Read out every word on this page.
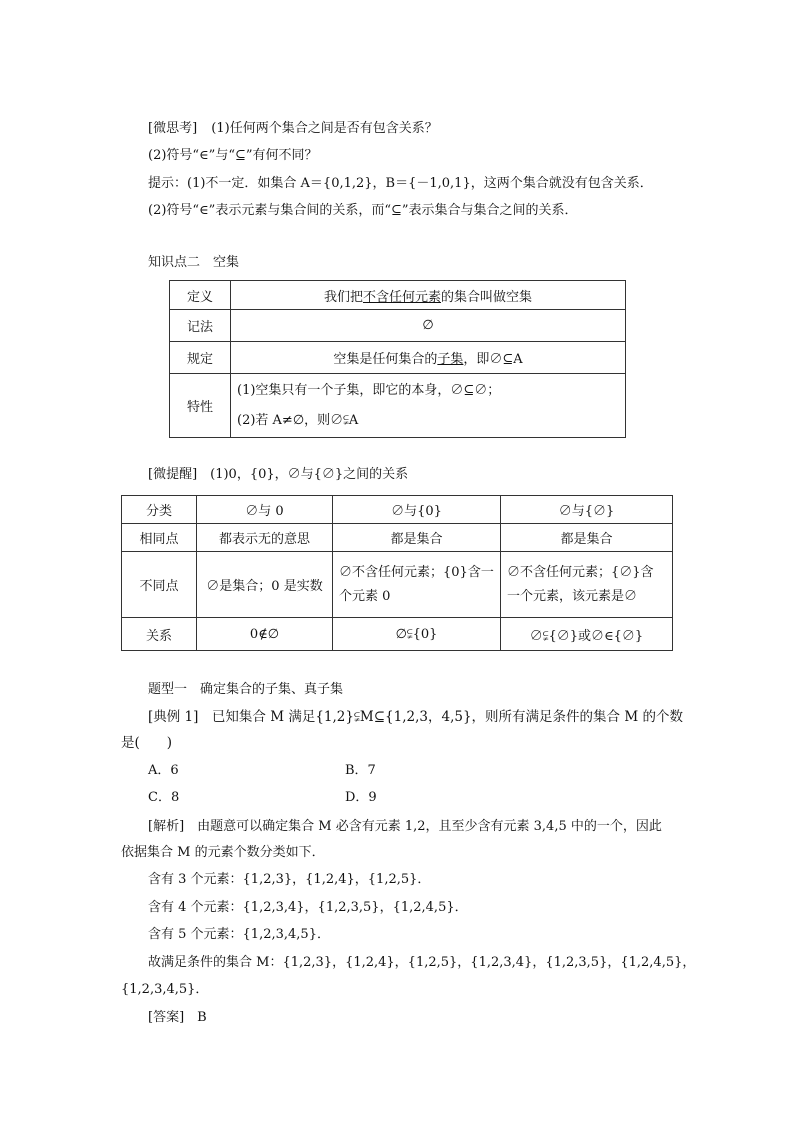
[微思考] (1)任何两个集合之间是否有包含关系？
(2)符号“∈”与“⊆”有何不同？
提示：(1)不一定．如集合 A＝{0,1,2}，B＝{－1,0,1}，这两个集合就没有包含关系．
(2)符号“∈”表示元素与集合间的关系，而“⊆”表示集合与集合之间的关系．
知识点二　空集
定义	我们把不含任何元素的集合叫做空集
记法	∅
规定	空集是任何集合的子集，即∅⊆A
特性	(1)空集只有一个子集，即它的本身，∅⊆∅；
(2)若 A≠∅，则∅⫋A
[微提醒]　(1)0，{0}，∅与{∅}之间的关系
分类	∅与 0	∅与{0}	∅与{∅}
相同点	都表示无的意思	都是集合	都是集合
不同点	∅是集合；0 是实数	∅不含任何元素；{0}含一个元素 0	∅不含任何元素；{∅}含一个元素，该元素是∅
关系	0∉∅	∅⫋{0}	∅⫋{∅}或∅∈{∅}
题型一　确定集合的子集、真子集
[典例 1]　已知集合 M 满足{1,2}⫋M⊆{1,2,3，4,5}，则所有满足条件的集合 M 的个数
是(　　)
A．6	B．7
C．8	D．9
[解析]　由题意可以确定集合 M 必含有元素 1,2，且至少含有元素 3,4,5 中的一个，因此
依据集合 M 的元素个数分类如下．
含有 3 个元素：{1,2,3}，{1,2,4}，{1,2,5}．
含有 4 个元素：{1,2,3,4}，{1,2,3,5}，{1,2,4,5}．
含有 5 个元素：{1,2,3,4,5}．
故满足条件的集合 M：{1,2,3}，{1,2,4}，{1,2,5}，{1,2,3,4}，{1,2,3,5}，{1,2,4,5}，
{1,2,3,4,5}．
[答案]　B
